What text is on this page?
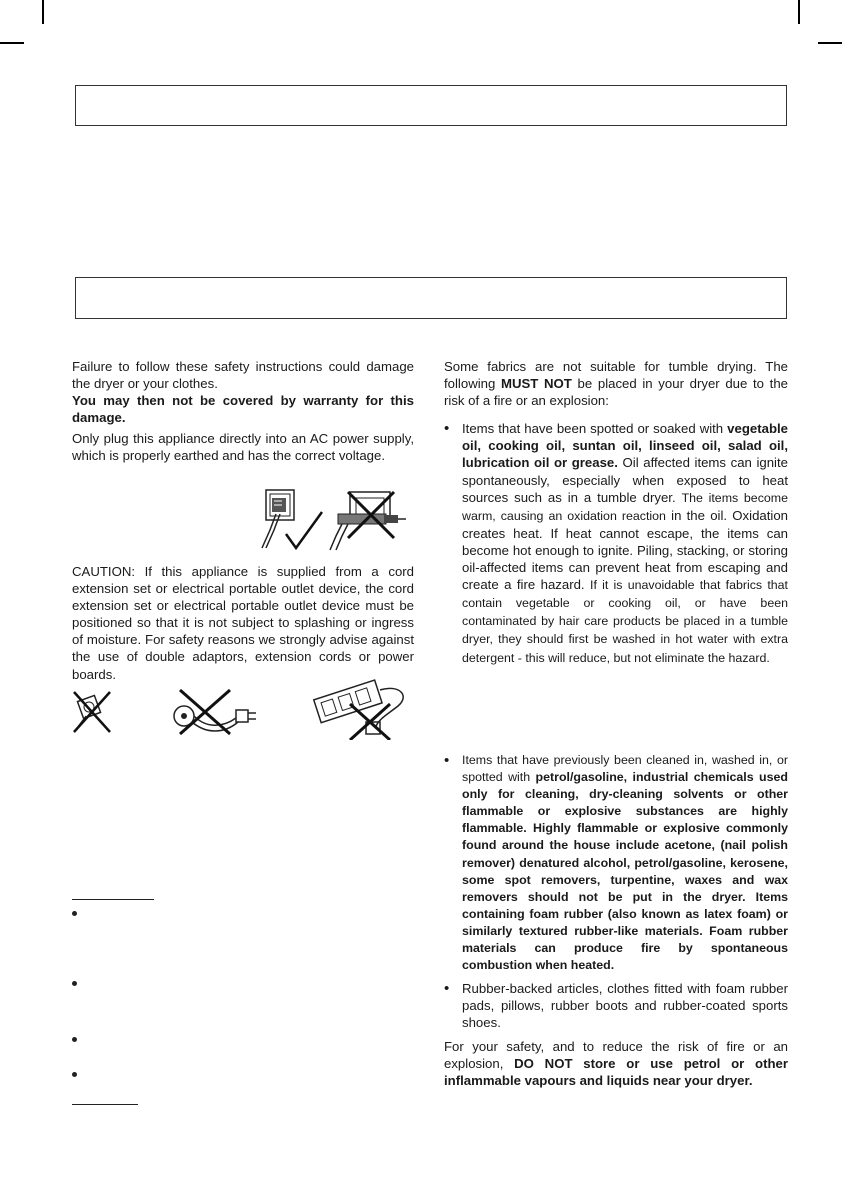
Failure to follow these safety instructions could damage the dryer or your clothes.

You may then not be covered by warranty for this damage.

Only plug this appliance directly into an AC power supply, which is properly earthed and has the correct voltage.

CAUTION: If this appliance is supplied from a cord extension set or electrical portable outlet device, the cord extension set or electrical portable outlet device must be positioned so that it is not subject to splashing or ingress of moisture. For safety reasons we strongly advise against the use of double adaptors, extension cords or power boards.

Some fabrics are not suitable for tumble drying. The following MUST NOT be placed in your dryer due to the risk of a fire or an explosion:

• Items that have been spotted or soaked with vegetable oil, cooking oil, suntan oil, linseed oil, salad oil, lubrication oil or grease. Oil affected items can ignite spontaneously, especially when exposed to heat sources such as in a tumble dryer. The items become warm, causing an oxidation reaction in the oil. Oxidation creates heat. If heat cannot escape, the items can become hot enough to ignite. Piling, stacking, or storing oil-affected items can prevent heat from escaping and create a fire hazard. If it is unavoidable that fabrics that contain vegetable or cooking oil, or have been contaminated by hair care products be placed in a tumble dryer, they should first be washed in hot water with extra detergent - this will reduce, but not eliminate the hazard.
• Items that have previously been cleaned in, washed in, or spotted with petrol/gasoline, industrial chemicals used only for cleaning, dry-cleaning solvents or other flammable or explosive substances are highly flammable. Highly flammable or explosive commonly found around the house include acetone, (nail polish remover) denatured alcohol, petrol/gasoline, kerosene, some spot removers, turpentine, waxes and wax removers should not be put in the dryer. Items containing foam rubber (also known as latex foam) or similarly textured rubber-like materials. Foam rubber materials can produce fire by spontaneous combustion when heated.
• Rubber-backed articles, clothes fitted with foam rubber pads, pillows, rubber boots and rubber-coated sports shoes.

For your safety, and to reduce the risk of fire or an explosion, DO NOT store or use petrol or other inflammable vapours and liquids near your dryer.
